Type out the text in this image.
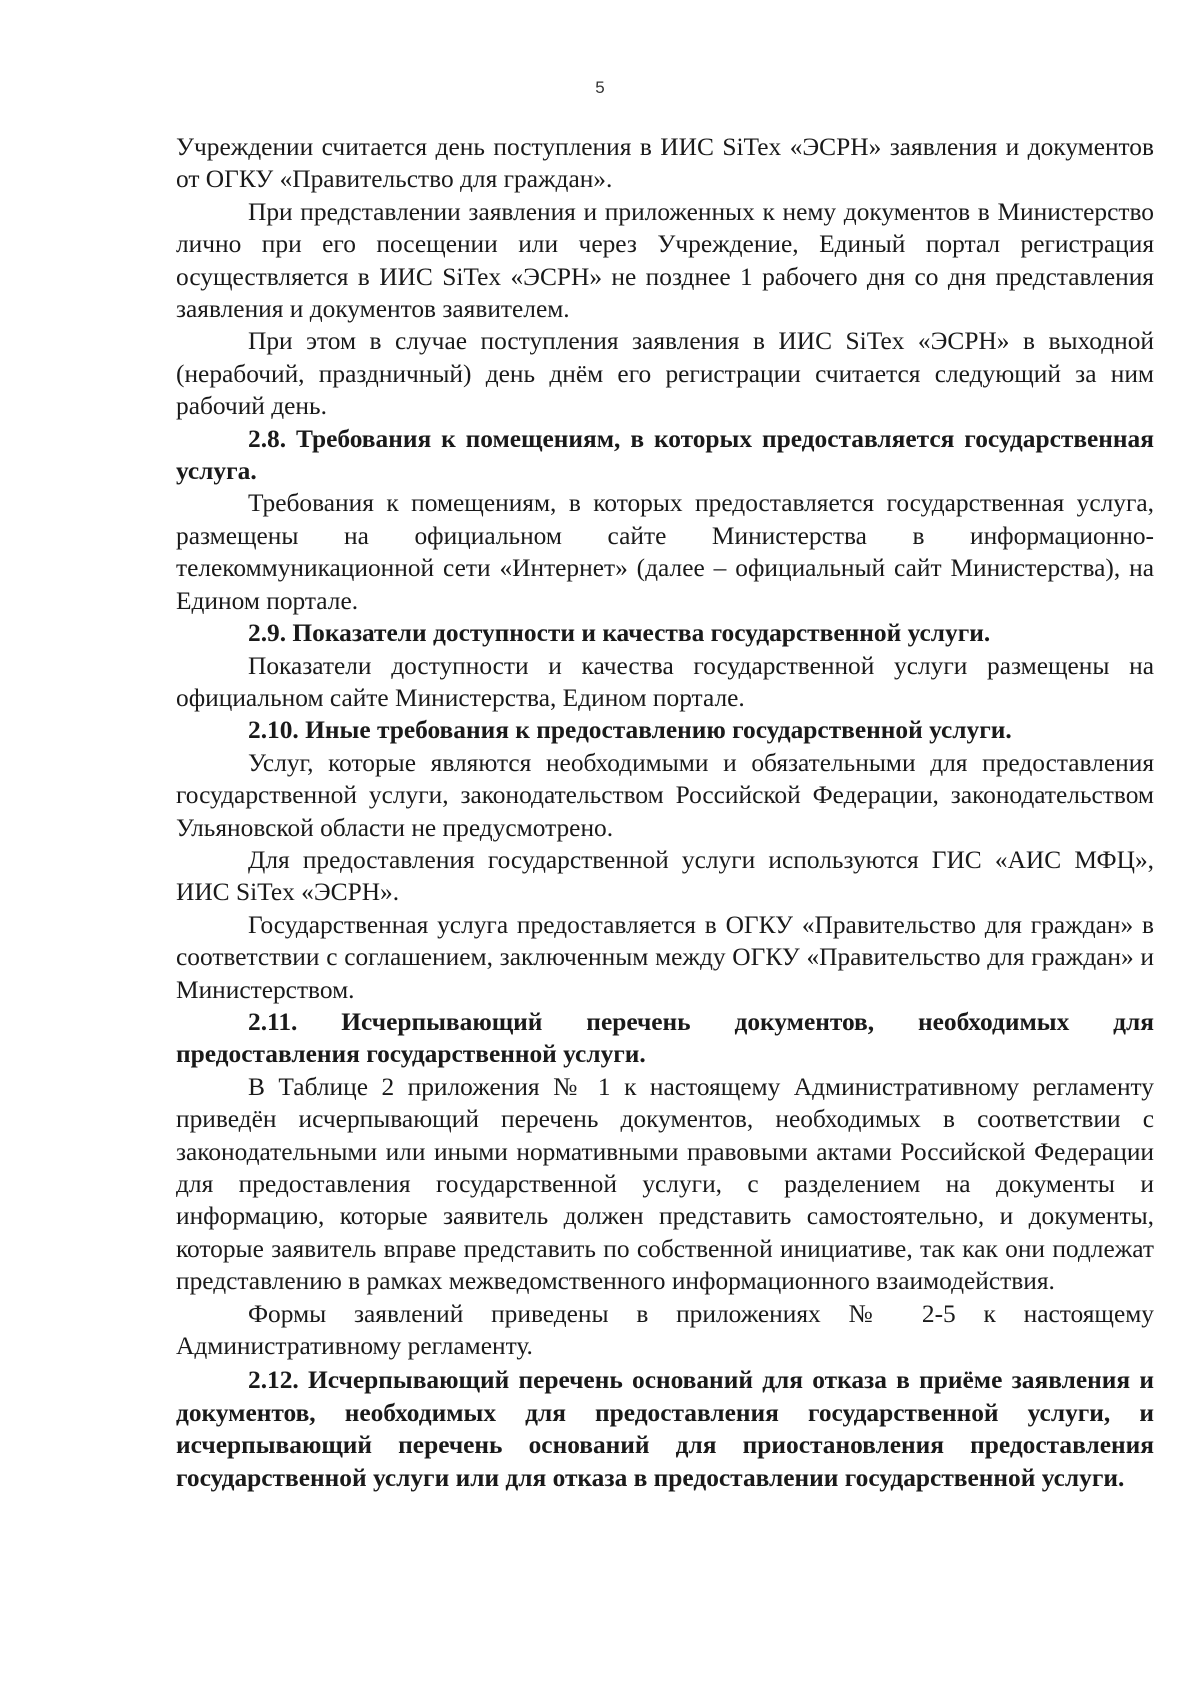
5

Учреждении считается день поступления в ИИС SiTex «ЭСРН» заявления и документов от ОГКУ «Правительство для граждан».

При представлении заявления и приложенных к нему документов в Министерство лично при его посещении или через Учреждение, Единый портал регистрация осуществляется в ИИС SiTex «ЭСРН» не позднее 1 рабочего дня со дня представления заявления и документов заявителем.

При этом в случае поступления заявления в ИИС SiTex «ЭСРН» в выходной (нерабочий, праздничный) день днём его регистрации считается следующий за ним рабочий день.

2.8. Требования к помещениям, в которых предоставляется государственная услуга.

Требования к помещениям, в которых предоставляется государственная услуга, размещены на официальном сайте Министерства в информационно-телекоммуникационной сети «Интернет» (далее – официальный сайт Министерства), на Едином портале.

2.9. Показатели доступности и качества государственной услуги.

Показатели доступности и качества государственной услуги размещены на официальном сайте Министерства, Едином портале.

2.10. Иные требования к предоставлению государственной услуги.

Услуг, которые являются необходимыми и обязательными для предоставления государственной услуги, законодательством Российской Федерации, законодательством Ульяновской области не предусмотрено.

Для предоставления государственной услуги используются ГИС «АИС МФЦ», ИИС SiTex «ЭСРН».

Государственная услуга предоставляется в ОГКУ «Правительство для граждан» в соответствии с соглашением, заключенным между ОГКУ «Правительство для граждан» и Министерством.

2.11. Исчерпывающий перечень документов, необходимых для предоставления государственной услуги.

В Таблице 2 приложения № 1 к настоящему Административному регламенту приведён исчерпывающий перечень документов, необходимых в соответствии с законодательными или иными нормативными правовыми актами Российской Федерации для предоставления государственной услуги, с разделением на документы и информацию, которые заявитель должен представить самостоятельно, и документы, которые заявитель вправе представить по собственной инициативе, так как они подлежат представлению в рамках межведомственного информационного взаимодействия.

Формы заявлений приведены в приложениях № 2-5 к настоящему Административному регламенту.

2.12. Исчерпывающий перечень оснований для отказа в приёме заявления и документов, необходимых для предоставления государственной услуги, и исчерпывающий перечень оснований для приостановления предоставления государственной услуги или для отказа в предоставлении государственной услуги.
